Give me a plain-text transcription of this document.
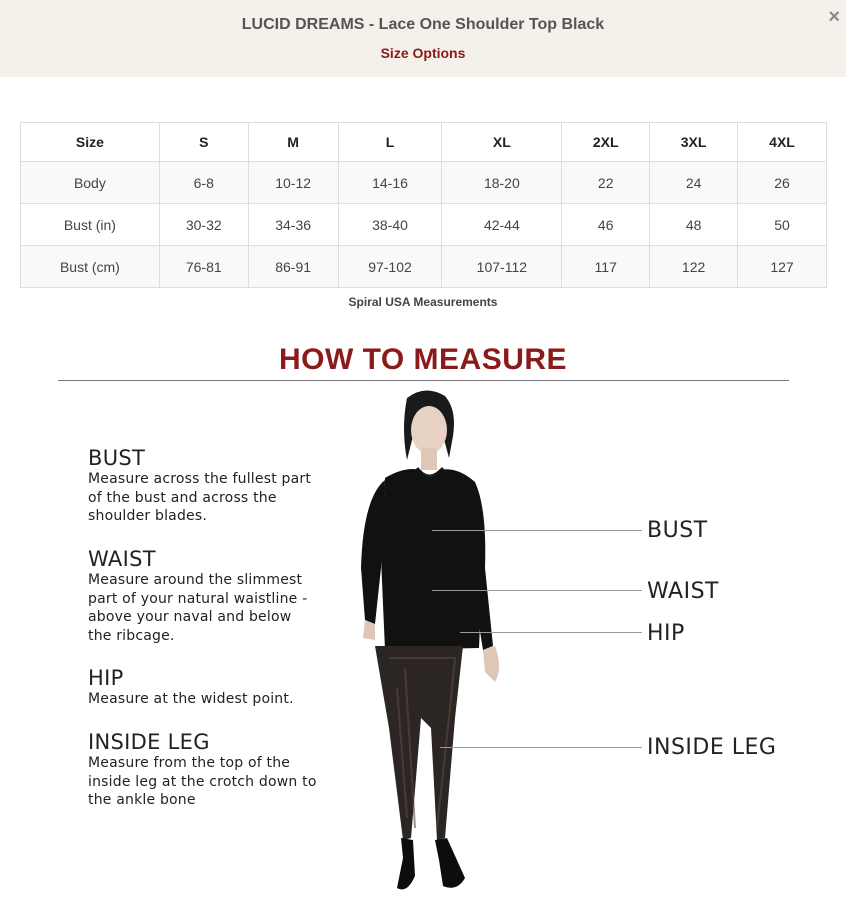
LUCID DREAMS - Lace One Shoulder Top Black
Size Options
×
Size	S	M	L	XL	2XL	3XL	4XL
Body	6-8	10-12	14-16	18-20	22	24	26
Bust (in)	30-32	34-36	38-40	42-44	46	48	50
Bust (cm)	76-81	86-91	97-102	107-112	117	122	127
Spiral USA Measurements
HOW TO MEASURE
BUST
Measure across the fullest part
of the bust and across the
shoulder blades.
WAIST
Measure around the slimmest
part of your natural waistline -
above your naval and below
the ribcage.
HIP
Measure at the widest point.
INSIDE LEG
Measure from the top of the
inside leg at the crotch down to
the ankle bone
BUST
WAIST
HIP
INSIDE LEG
